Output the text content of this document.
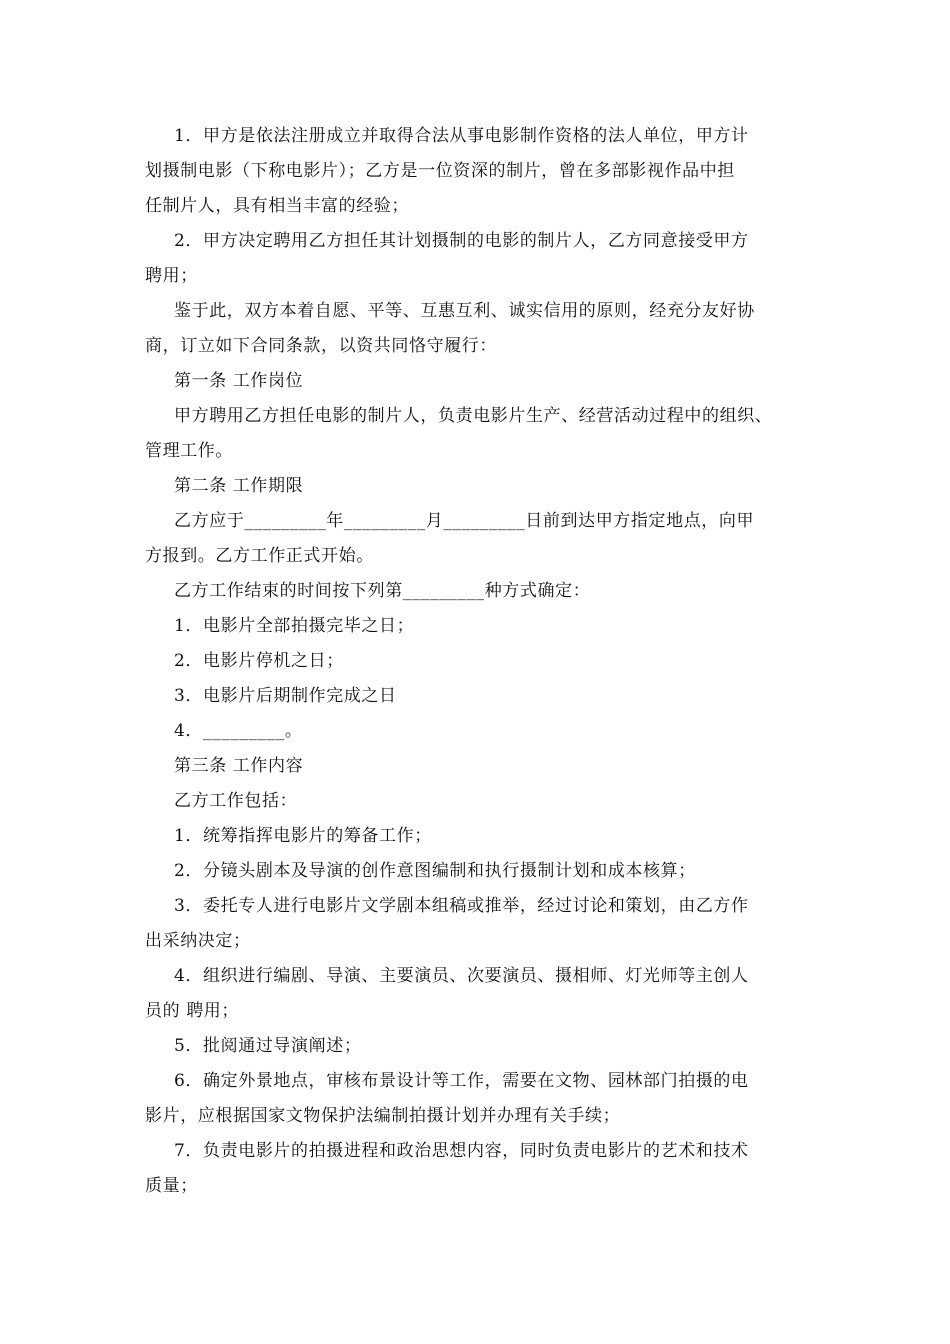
1．甲方是依法注册成立并取得合法从事电影制作资格的法人单位，甲方计
划摄制电影（下称电影片）；乙方是一位资深的制片，曾在多部影视作品中担
任制片人，具有相当丰富的经验；
2．甲方决定聘用乙方担任其计划摄制的电影的制片人，乙方同意接受甲方
聘用；
鉴于此，双方本着自愿、平等、互惠互利、诚实信用的原则，经充分友好协
商，订立如下合同条款，以资共同恪守履行：
第一条 工作岗位
甲方聘用乙方担任电影的制片人，负责电影片生产、经营活动过程中的组织、
管理工作。
第二条 工作期限
乙方应于_________年_________月_________日前到达甲方指定地点，向甲
方报到。乙方工作正式开始。
乙方工作结束的时间按下列第_________种方式确定：
1．电影片全部拍摄完毕之日；
2．电影片停机之日；
3．电影片后期制作完成之日
4．_________。
第三条 工作内容
乙方工作包括：
1．统筹指挥电影片的筹备工作；
2．分镜头剧本及导演的创作意图编制和执行摄制计划和成本核算；
3．委托专人进行电影片文学剧本组稿或推举，经过讨论和策划，由乙方作
出采纳决定；
4．组织进行编剧、导演、主要演员、次要演员、摄相师、灯光师等主创人
员的 聘用；
5．批阅通过导演阐述；
6．确定外景地点，审核布景设计等工作，需要在文物、园林部门拍摄的电
影片，应根据国家文物保护法编制拍摄计划并办理有关手续；
7．负责电影片的拍摄进程和政治思想内容，同时负责电影片的艺术和技术
质量；
